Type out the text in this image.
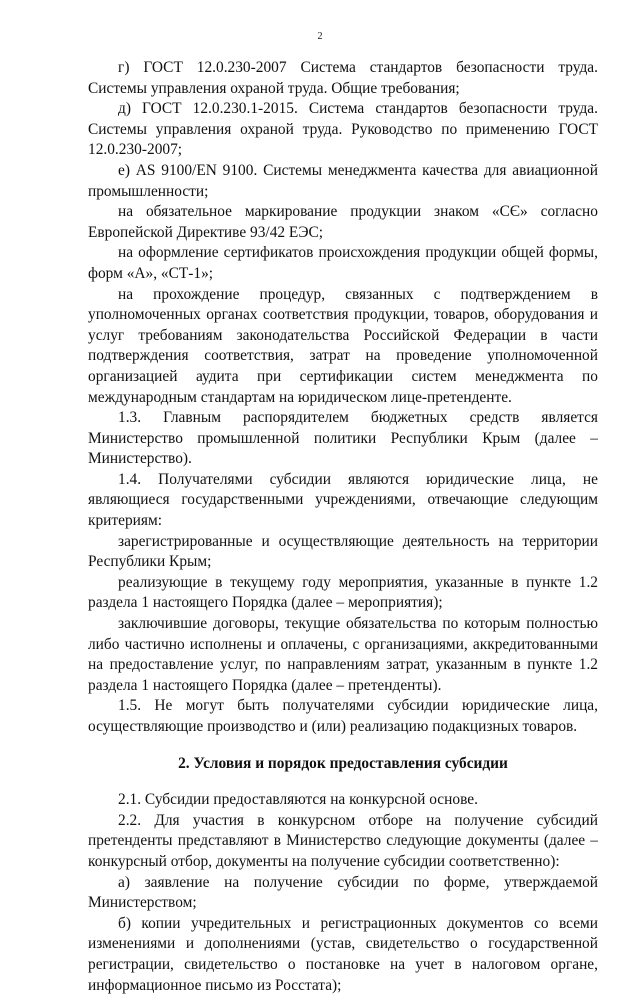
2

г) ГОСТ 12.0.230-2007 Система стандартов безопасности труда. Системы управления охраной труда. Общие требования;

д) ГОСТ 12.0.230.1-2015. Система стандартов безопасности труда. Системы управления охраной труда. Руководство по применению ГОСТ 12.0.230-2007;

е) AS 9100/EN 9100. Системы менеджмента качества для авиационной промышленности;

на обязательное маркирование продукции знаком «СЄ» согласно Европейской Директиве 93/42 ЕЭС;

на оформление сертификатов происхождения продукции общей формы, форм «А», «СТ-1»;

на прохождение процедур, связанных с подтверждением в уполномоченных органах соответствия продукции, товаров, оборудования и услуг требованиям законодательства Российской Федерации в части подтверждения соответствия, затрат на проведение уполномоченной организацией аудита при сертификации систем менеджмента по международным стандартам на юридическом лице-претенденте.

1.3. Главным распорядителем бюджетных средств является Министерство промышленной политики Республики Крым (далее – Министерство).

1.4. Получателями субсидии являются юридические лица, не являющиеся государственными учреждениями, отвечающие следующим критериям:

зарегистрированные и осуществляющие деятельность на территории Республики Крым;

реализующие в текущему году мероприятия, указанные в пункте 1.2 раздела 1 настоящего Порядка (далее – мероприятия);

заключившие договоры, текущие обязательства по которым полностью либо частично исполнены и оплачены, с организациями, аккредитованными на предоставление услуг, по направлениям затрат, указанным в пункте 1.2 раздела 1 настоящего Порядка (далее – претенденты).

1.5. Не могут быть получателями субсидии юридические лица, осуществляющие производство и (или) реализацию подакцизных товаров.

2. Условия и порядок предоставления субсидии

2.1. Субсидии предоставляются на конкурсной основе.

2.2. Для участия в конкурсном отборе на получение субсидий претенденты представляют в Министерство следующие документы (далее – конкурсный отбор, документы на получение субсидии соответственно):

а) заявление на получение субсидии по форме, утверждаемой Министерством;

б) копии учредительных и регистрационных документов со всеми изменениями и дополнениями (устав, свидетельство о государственной регистрации, свидетельство о постановке на учет в налоговом органе, информационное письмо из Росстата);
